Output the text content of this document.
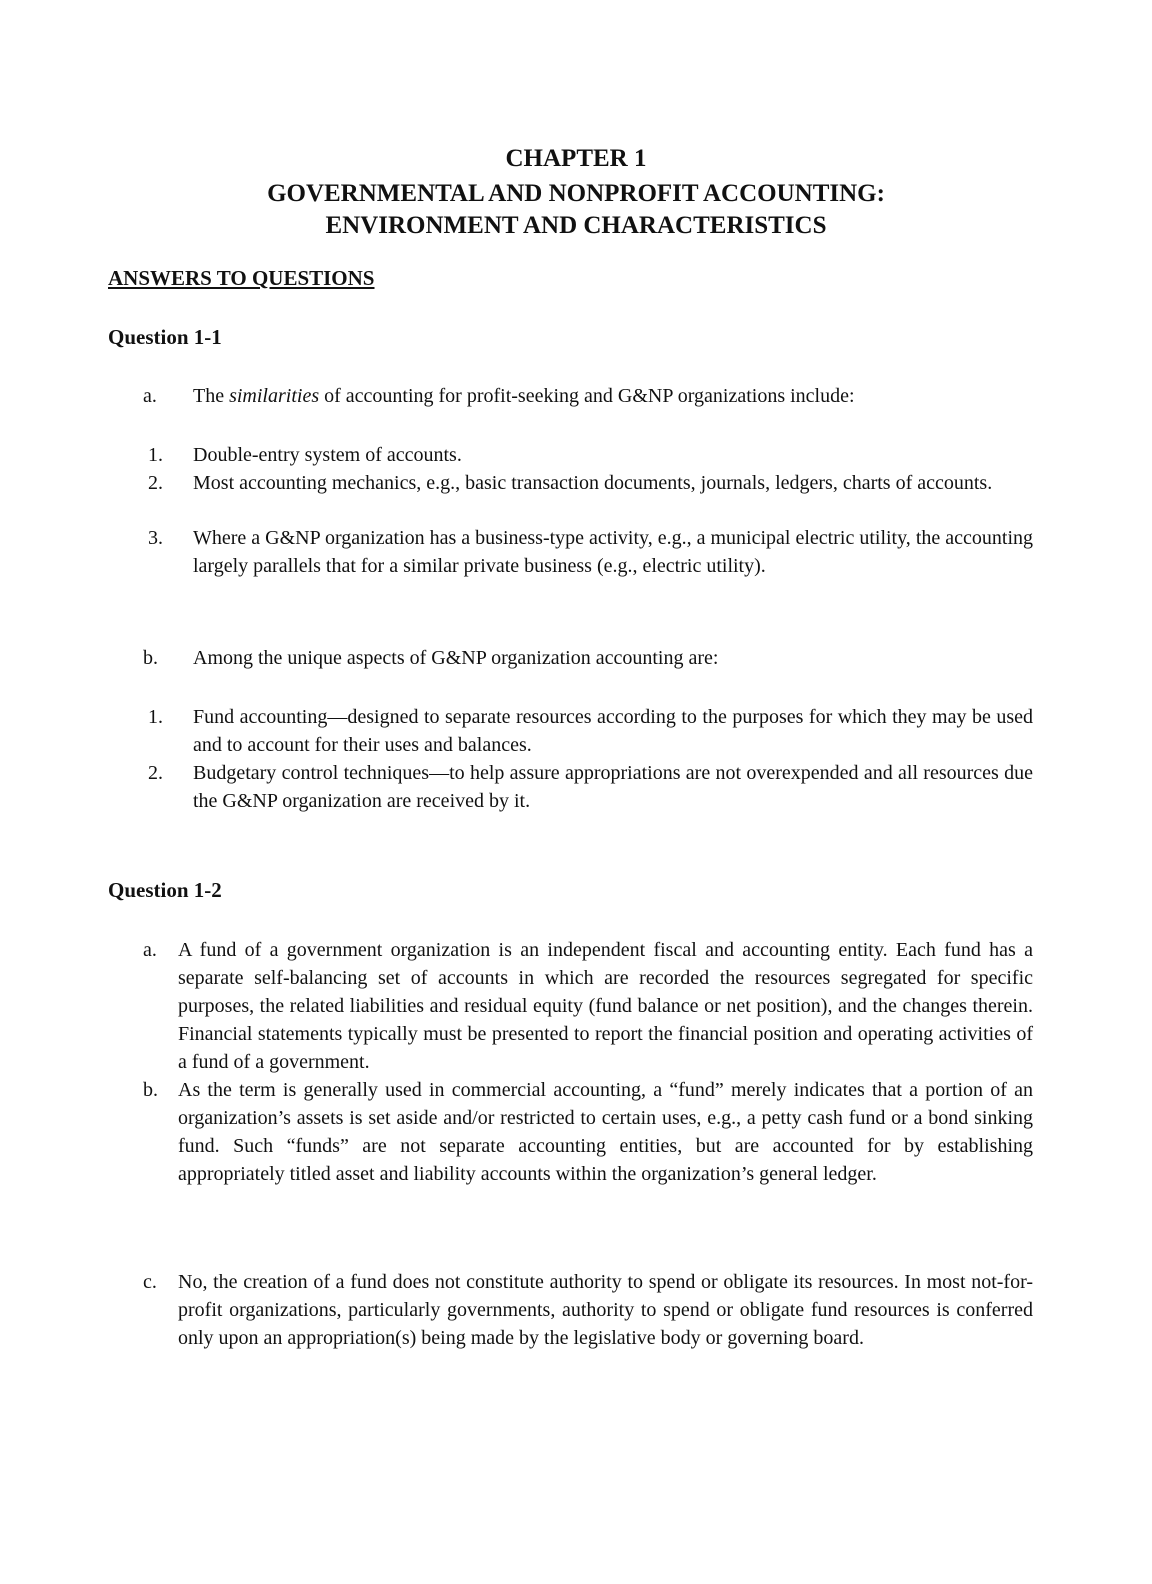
CHAPTER 1
GOVERNMENTAL AND NONPROFIT ACCOUNTING:
ENVIRONMENT AND CHARACTERISTICS
ANSWERS TO QUESTIONS
Question 1-1
a. The similarities of accounting for profit-seeking and G&NP organizations include:

1. Double-entry system of accounts.

2. Most accounting mechanics, e.g., basic transaction documents, journals, ledgers, charts of accounts.

3. Where a G&NP organization has a business-type activity, e.g., a municipal electric utility, the accounting largely parallels that for a similar private business (e.g., electric utility).

b. Among the unique aspects of G&NP organization accounting are:

1. Fund accounting—designed to separate resources according to the purposes for which they may be used and to account for their uses and balances.

2. Budgetary control techniques—to help assure appropriations are not overexpended and all resources due the G&NP organization are received by it.

Question 1-2
a. A fund of a government organization is an independent fiscal and accounting entity. Each fund has a separate self-balancing set of accounts in which are recorded the resources segregated for specific purposes, the related liabilities and residual equity (fund balance or net position), and the changes therein. Financial statements typically must be presented to report the financial position and operating activities of a fund of a government.

b. As the term is generally used in commercial accounting, a “fund” merely indicates that a portion of an organization’s assets is set aside and/or restricted to certain uses, e.g., a petty cash fund or a bond sinking fund. Such “funds” are not separate accounting entities, but are accounted for by establishing appropriately titled asset and liability accounts within the organization’s general ledger.

c. No, the creation of a fund does not constitute authority to spend or obligate its resources. In most not-for-profit organizations, particularly governments, authority to spend or obligate fund resources is conferred only upon an appropriation(s) being made by the legislative body or governing board.
